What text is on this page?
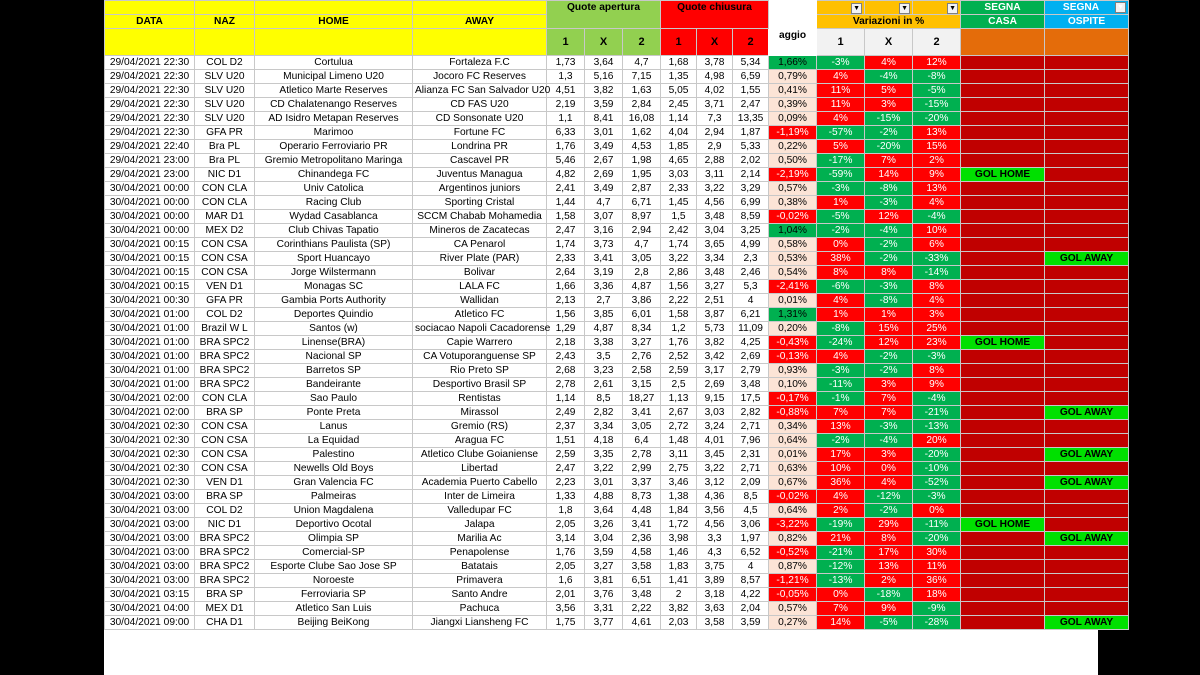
				Quote apertura			Quote chiusura				▼	▼	▼	SEGNA	SEGNA ▼

DATA	NAZ	HOME	AWAY							aggio	Variazioni in %			CASA	OSPITE
				1	X	2	1	X	2		1	X	2		
29/04/2021 22:30	COL D2	Cortulua	Fortaleza F.C	1,73	3,64	4,7	1,68	3,78	5,34	1,66%	-3%	4%	12%		
29/04/2021 22:30	SLV U20	Municipal Limeno U20	Jocoro FC Reserves	1,3	5,16	7,15	1,35	4,98	6,59	0,79%	4%	-4%	-8%		
29/04/2021 22:30	SLV U20	Atletico Marte Reserves	Alianza FC San Salvador U20	4,51	3,82	1,63	5,05	4,02	1,55	0,41%	11%	5%	-5%		
29/04/2021 22:30	SLV U20	CD Chalatenango Reserves	CD FAS U20	2,19	3,59	2,84	2,45	3,71	2,47	0,39%	11%	3%	-15%		
29/04/2021 22:30	SLV U20	AD Isidro Metapan Reserves	CD Sonsonate U20	1,1	8,41	16,08	1,14	7,3	13,35	0,09%	4%	-15%	-20%		
29/04/2021 22:30	GFA PR	Marimoo	Fortune FC	6,33	3,01	1,62	4,04	2,94	1,87	-1,19%	-57%	-2%	13%		
29/04/2021 22:40	Bra PL	Operario Ferroviario PR	Londrina PR	1,76	3,49	4,53	1,85	2,9	5,33	0,22%	5%	-20%	15%		
29/04/2021 23:00	Bra PL	Gremio Metropolitano Maringa	Cascavel PR	5,46	2,67	1,98	4,65	2,88	2,02	0,50%	-17%	7%	2%		
29/04/2021 23:00	NIC D1	Chinandega FC	Juventus Managua	4,82	2,69	1,95	3,03	3,11	2,14	-2,19%	-59%	14%	9%	GOL HOME	
30/04/2021 00:00	CON CLA	Univ Catolica	Argentinos juniors	2,41	3,49	2,87	2,33	3,22	3,29	0,57%	-3%	-8%	13%		
30/04/2021 00:00	CON CLA	Racing Club	Sporting Cristal	1,44	4,7	6,71	1,45	4,56	6,99	0,38%	1%	-3%	4%		
30/04/2021 00:00	MAR D1	Wydad Casablanca	SCCM Chabab Mohamedia	1,58	3,07	8,97	1,5	3,48	8,59	-0,02%	-5%	12%	-4%		
30/04/2021 00:00	MEX D2	Club Chivas Tapatio	Mineros de Zacatecas	2,47	3,16	2,94	2,42	3,04	3,25	1,04%	-2%	-4%	10%		
30/04/2021 00:15	CON CSA	Corinthians Paulista (SP)	CA Penarol	1,74	3,73	4,7	1,74	3,65	4,99	0,58%	0%	-2%	6%		
30/04/2021 00:15	CON CSA	Sport Huancayo	River Plate (PAR)	2,33	3,41	3,05	3,22	3,34	2,3	0,53%	38%	-2%	-33%		GOL AWAY
30/04/2021 00:15	CON CSA	Jorge Wilstermann	Bolivar	2,64	3,19	2,8	2,86	3,48	2,46	0,54%	8%	8%	-14%		
30/04/2021 00:15	VEN D1	Monagas SC	LALA FC	1,66	3,36	4,87	1,56	3,27	5,3	-2,41%	-6%	-3%	8%		
30/04/2021 00:30	GFA PR	Gambia Ports Authority	Wallidan	2,13	2,7	3,86	2,22	2,51	4	0,01%	4%	-8%	4%		
30/04/2021 01:00	COL D2	Deportes Quindio	Atletico FC	1,56	3,85	6,01	1,58	3,87	6,21	1,31%	1%	1%	3%		
30/04/2021 01:00	Brazil W L	Santos (w)	sociacao Napoli Cacadorense	1,29	4,87	8,34	1,2	5,73	11,09	0,20%	-8%	15%	25%		
30/04/2021 01:00	BRA SPC2	Linense(BRA)	Capie Warrero	2,18	3,38	3,27	1,76	3,82	4,25	-0,43%	-24%	12%	23%	GOL HOME	
30/04/2021 01:00	BRA SPC2	Nacional SP	CA Votuporanguense SP	2,43	3,5	2,76	2,52	3,42	2,69	-0,13%	4%	-2%	-3%		
30/04/2021 01:00	BRA SPC2	Barretos SP	Rio Preto SP	2,68	3,23	2,58	2,59	3,17	2,79	0,93%	-3%	-2%	8%		
30/04/2021 01:00	BRA SPC2	Bandeirante	Desportivo Brasil SP	2,78	2,61	3,15	2,5	2,69	3,48	0,10%	-11%	3%	9%		
30/04/2021 02:00	CON CLA	Sao Paulo	Rentistas	1,14	8,5	18,27	1,13	9,15	17,5	-0,17%	-1%	7%	-4%		
30/04/2021 02:00	BRA SP	Ponte Preta	Mirassol	2,49	2,82	3,41	2,67	3,03	2,82	-0,88%	7%	7%	-21%		GOL AWAY
30/04/2021 02:30	CON CSA	Lanus	Gremio (RS)	2,37	3,34	3,05	2,72	3,24	2,71	0,34%	13%	-3%	-13%		
30/04/2021 02:30	CON CSA	La Equidad	Aragua FC	1,51	4,18	6,4	1,48	4,01	7,96	0,64%	-2%	-4%	20%		
30/04/2021 02:30	CON CSA	Palestino	Atletico Clube Goianiense	2,59	3,35	2,78	3,11	3,45	2,31	0,01%	17%	3%	-20%		GOL AWAY
30/04/2021 02:30	CON CSA	Newells Old Boys	Libertad	2,47	3,22	2,99	2,75	3,22	2,71	0,63%	10%	0%	-10%		
30/04/2021 02:30	VEN D1	Gran Valencia FC	Academia Puerto Cabello	2,23	3,01	3,37	3,46	3,12	2,09	0,67%	36%	4%	-52%		GOL AWAY
30/04/2021 03:00	BRA SP	Palmeiras	Inter de Limeira	1,33	4,88	8,73	1,38	4,36	8,5	-0,02%	4%	-12%	-3%		
30/04/2021 03:00	COL D2	Union Magdalena	Valledupar FC	1,8	3,64	4,48	1,84	3,56	4,5	0,64%	2%	-2%	0%		
30/04/2021 03:00	NIC D1	Deportivo Ocotal	Jalapa	2,05	3,26	3,41	1,72	4,56	3,06	-3,22%	-19%	29%	-11%	GOL HOME	
30/04/2021 03:00	BRA SPC2	Olimpia SP	Marilia Ac	3,14	3,04	2,36	3,98	3,3	1,97	0,82%	21%	8%	-20%		GOL AWAY
30/04/2021 03:00	BRA SPC2	Comercial-SP	Penapolense	1,76	3,59	4,58	1,46	4,3	6,52	-0,52%	-21%	17%	30%		
30/04/2021 03:00	BRA SPC2	Esporte Clube Sao Jose SP	Batatais	2,05	3,27	3,58	1,83	3,75	4	0,87%	-12%	13%	11%		
30/04/2021 03:00	BRA SPC2	Noroeste	Primavera	1,6	3,81	6,51	1,41	3,89	8,57	-1,21%	-13%	2%	36%		
30/04/2021 03:15	BRA SP	Ferroviaria SP	Santo Andre	2,01	3,76	3,48	2	3,18	4,22	-0,05%	0%	-18%	18%		
30/04/2021 04:00	MEX D1	Atletico San Luis	Pachuca	3,56	3,31	2,22	3,82	3,63	2,04	0,57%	7%	9%	-9%		
30/04/2021 09:00	CHA D1	Beijing BeiKong	Jiangxi Liansheng FC	1,75	3,77	4,61	2,03	3,58	3,59	0,27%	14%	-5%	-28%		GOL AWAY
